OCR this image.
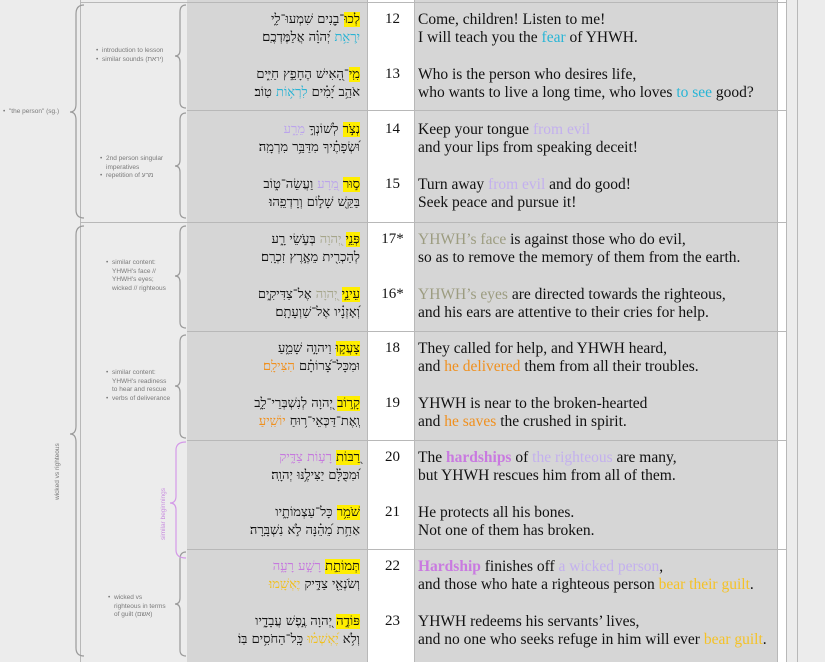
• "the person" (sg.)
wicked vs righteous
similar beginnings
• introduction to lesson
• similar sounds (יראת)
• 2nd person singular
imperatives
• repetition of מרע
• similar content:
YHWH's face //
YHWH's eyes;
wicked // righteous
• similar content:
YHWH's readiness
to hear and rescue
• verbs of deliverance
• wicked vs
righteous in terms
of guilt (אשם)
לְכוּ־בָנִ֭ים שִׁמְעוּ־לִ֑י
יִֽרְאַ֥ת יְ֝הוָ֗ה אֲלַמֶּדְכֶֽם׃
12	Come, children! Listen to me!
I will teach you the fear of YHWH.
מִֽי־הָ֭אִישׁ הֶחָפֵ֣ץ חַיִּ֑ים
אֹהֵ֥ב יָ֝מִ֗ים לִרְא֥וֹת טֽוֹב׃
13	Who is the person who desires life,
who wants to live a long time, who loves to see good?
נְצֹ֣ר לְשׁוֹנְךָ֣ מֵרָ֑ע
וּ֝שְׂפָתֶ֗יךָ מִדַּבֵּ֥ר מִרְמָֽה׃
14	Keep your tongue from evil
and your lips from speaking deceit!
ס֣וּר מֵ֭רָע וַעֲשֵׂה־ט֑וֹב
בַּקֵּ֖שׁ שָׁל֣וֹם וְרָדְפֵֽהוּ׃
15	Turn away from evil and do good!
Seek peace and pursue it!
פְּנֵ֣י יְ֭הוָה בְּעֹ֣שֵׂי רָ֑ע
לְהַכְרִ֖ית מֵאֶ֣רֶץ זִכְרָֽם׃
17* YHWH’s face is against those who do evil,
so as to remove the memory of them from the earth.
עֵינֵ֣י יְ֭הוָה אֶל־צַדִּיקִ֑ים
וְ֝אָזְנָ֗יו אֶל־שַׁוְעָתָֽם׃
16* YHWH’s eyes are directed towards the righteous,
and his ears are attentive to their cries for help.
צָעֲק֣וּ וַיהוָ֣ה שָׁמֵ֑עַ
וּמִכָּל־צָ֝רוֹתָ֗ם הִצִּילָֽם׃
18	They called for help, and YHWH heard,
and he delivered them from all their troubles.
קָר֣וֹב יְ֭הוָה לְנִשְׁבְּרֵי־לֵ֑ב
וְֽאֶת־דַּכְּאֵי־ר֥וּחַ יוֹשִֽׁיעַ׃
19	YHWH is near to the broken-hearted
and he saves the crushed in spirit.
רַ֭בּוֹת רָע֣וֹת צַדִּ֑יק
וּ֝מִכֻּלָּ֗ם יַצִּילֶ֥נּוּ יְהוָֽה׃
20	The hardships of the righteous are many,
but YHWH rescues him from all of them.
שֹׁמֵ֥ר כָּל־עַצְמוֹתָ֑יו
אַחַ֥ת מֵ֝הֵ֗נָּה לֹ֣א נִשְׁבָּֽרָה׃
21	He protects all his bones.
Not one of them has broken.
תְּמוֹתֵ֣ת רָשָׁ֣ע רָעָ֑ה
וְשֹׂנְאֵ֖י צַדִּ֣יק יֶאְשָֽׁמוּ׃
22	Hardship finishes off a wicked person,
and those who hate a righteous person bear their guilt.
פּוֹדֶ֣ה יְ֭הוָה נֶ֣פֶשׁ עֲבָדָ֑יו
וְלֹ֥א יֶ֝אְשְׁמ֗וּ כָּֽל־הַחֹסִ֥ים בּֽוֹ׃
23	YHWH redeems his servants’ lives,
and no one who seeks refuge in him will ever bear guilt.
